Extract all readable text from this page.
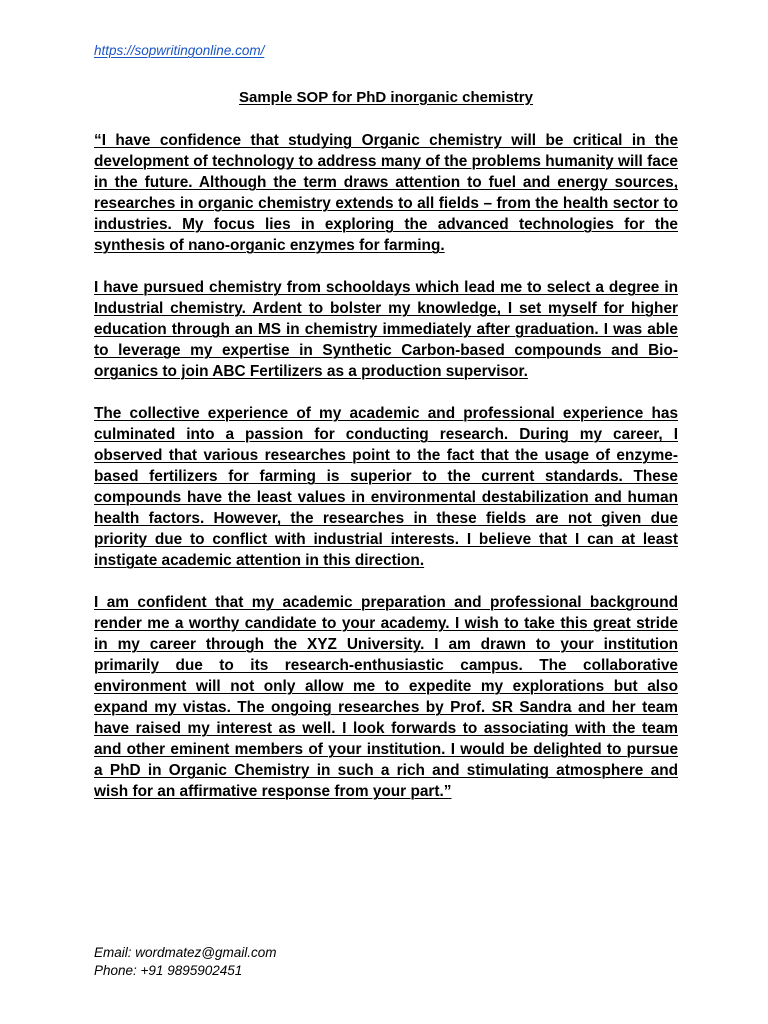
https://sopwritingonline.com/
Sample SOP for PhD inorganic chemistry

“I have confidence that studying Organic chemistry will be critical in the development of technology to address many of the problems humanity will face in the future. Although the term draws attention to fuel and energy sources, researches in organic chemistry extends to all fields – from the health sector to industries. My focus lies in exploring the advanced technologies for the synthesis of nano-organic enzymes for farming.

I have pursued chemistry from schooldays which lead me to select a degree in Industrial chemistry. Ardent to bolster my knowledge, I set myself for higher education through an MS in chemistry immediately after graduation. I was able to leverage my expertise in Synthetic Carbon-based compounds and Bio-organics to join ABC Fertilizers as a production supervisor.

The collective experience of my academic and professional experience has culminated into a passion for conducting research. During my career, I observed that various researches point to the fact that the usage of enzyme-based fertilizers for farming is superior to the current standards. These compounds have the least values in environmental destabilization and human health factors. However, the researches in these fields are not given due priority due to conflict with industrial interests. I believe that I can at least instigate academic attention in this direction.

I am confident that my academic preparation and professional background render me a worthy candidate to your academy. I wish to take this great stride in my career through the XYZ University. I am drawn to your institution primarily due to its research-enthusiastic campus. The collaborative environment will not only allow me to expedite my explorations but also expand my vistas. The ongoing researches by Prof. SR Sandra and her team have raised my interest as well. I look forwards to associating with the team and other eminent members of your institution. I would be delighted to pursue a PhD in Organic Chemistry in such a rich and stimulating atmosphere and wish for an affirmative response from your part.”

Email: wordmatez@gmail.com
Phone: +91 9895902451
